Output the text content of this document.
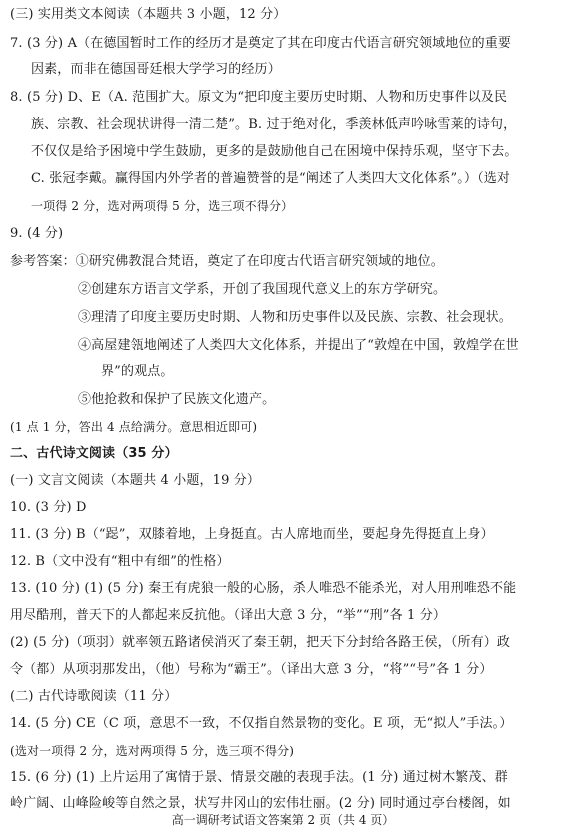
(三) 实用类文本阅读（本题共 3 小题，12 分）
7. (3 分) A（在德国暂时工作的经历才是奠定了其在印度古代语言研究领域地位的重要
因素，而非在德国哥廷根大学学习的经历）
8. (5 分) D、E（A. 范围扩大。原文为“把印度主要历史时期、人物和历史事件以及民
族、宗教、社会现状讲得一清二楚”。B. 过于绝对化，季羡林低声吟咏雪莱的诗句，
不仅仅是给予困境中学生鼓励，更多的是鼓励他自己在困境中保持乐观，坚守下去。
C. 张冠李戴。赢得国内外学者的普遍赞誉的是“阐述了人类四大文化体系”。）（选对
一项得 2 分，选对两项得 5 分，选三项不得分）
9. (4 分)
参考答案：①研究佛教混合梵语，奠定了在印度古代语言研究领域的地位。
②创建东方语言文学系，开创了我国现代意义上的东方学研究。
③理清了印度主要历史时期、人物和历史事件以及民族、宗教、社会现状。
④高屋建瓴地阐述了人类四大文化体系，并提出了“敦煌在中国，敦煌学在世
界”的观点。
⑤他抢救和保护了民族文化遗产。
(1 点 1 分，答出 4 点给满分。意思相近即可)
二、古代诗文阅读（35 分）
(一) 文言文阅读（本题共 4 小题，19 分）
10. (3 分) D
11. (3 分) B（“跽”，双膝着地，上身挺直。古人席地而坐，要起身先得挺直上身）
12. B（文中没有“粗中有细”的性格）
13. (10 分) (1) (5 分) 秦王有虎狼一般的心肠，杀人唯恐不能杀光，对人用刑唯恐不能
用尽酷刑，普天下的人都起来反抗他。（译出大意 3 分，“举”“刑”各 1 分）
(2) (5 分)（项羽）就率领五路诸侯消灭了秦王朝，把天下分封给各路王侯，（所有）政
令（都）从项羽那发出，（他）号称为“霸王”。（译出大意 3 分，“将”“号”各 1 分）
(二) 古代诗歌阅读（11 分）
14. (5 分) CE（C 项，意思不一致，不仅指自然景物的变化。E 项，无“拟人”手法。）
(选对一项得 2 分，选对两项得 5 分，选三项不得分)
15. (6 分) (1) 上片运用了寓情于景、情景交融的表现手法。(1 分) 通过树木繁茂、群
岭广阔、山峰险峻等自然之景，状写井冈山的宏伟壮丽。(2 分) 同时通过亭台楼阁，如
高一调研考试语文答案第 2 页（共 4 页）
